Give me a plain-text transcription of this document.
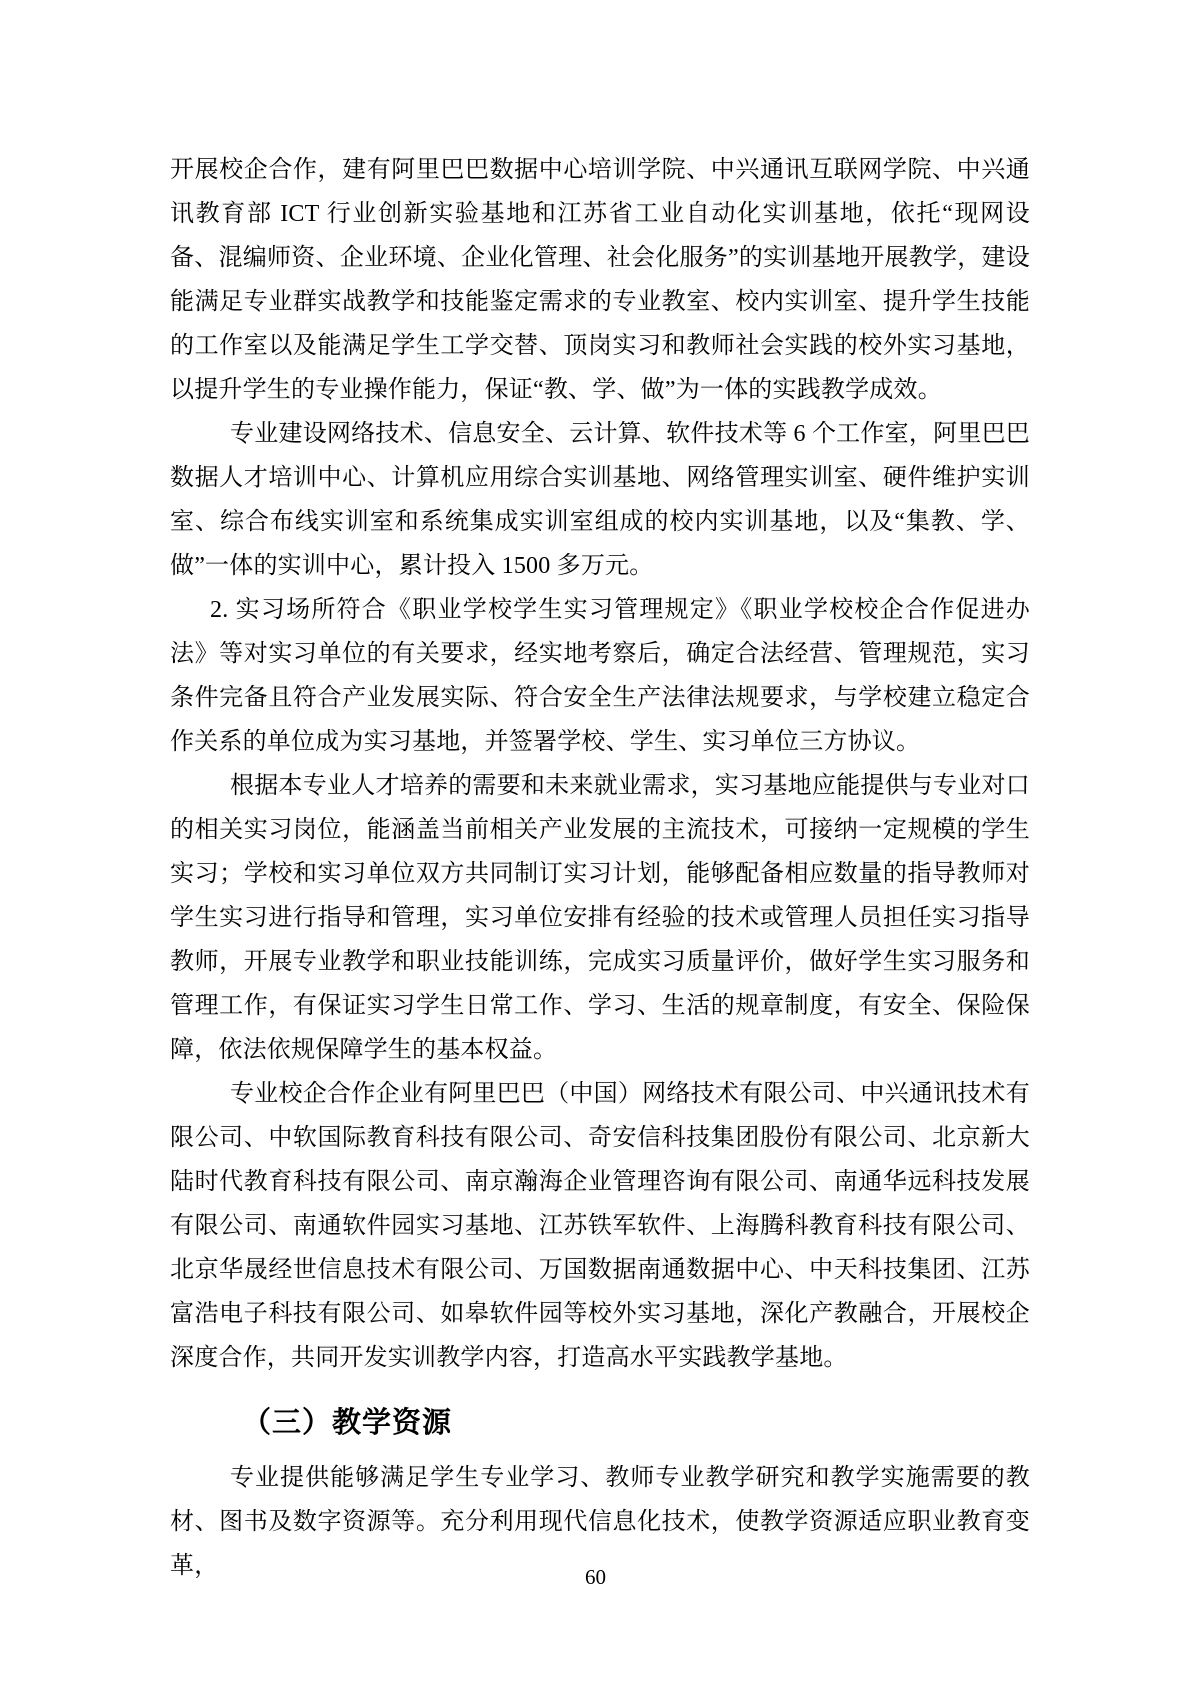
开展校企合作，建有阿里巴巴数据中心培训学院、中兴通讯互联网学院、中兴通讯教育部 ICT 行业创新实验基地和江苏省工业自动化实训基地，依托“现网设备、混编师资、企业环境、企业化管理、社会化服务”的实训基地开展教学，建设能满足专业群实战教学和技能鉴定需求的专业教室、校内实训室、提升学生技能的工作室以及能满足学生工学交替、顶岗实习和教师社会实践的校外实习基地，以提升学生的专业操作能力，保证“教、学、做”为一体的实践教学成效。

专业建设网络技术、信息安全、云计算、软件技术等 6 个工作室，阿里巴巴数据人才培训中心、计算机应用综合实训基地、网络管理实训室、硬件维护实训室、综合布线实训室和系统集成实训室组成的校内实训基地，以及“集教、学、做”一体的实训中心，累计投入 1500 多万元。

2. 实习场所符合《职业学校学生实习管理规定》《职业学校校企合作促进办法》等对实习单位的有关要求，经实地考察后，确定合法经营、管理规范，实习条件完备且符合产业发展实际、符合安全生产法律法规要求，与学校建立稳定合作关系的单位成为实习基地，并签署学校、学生、实习单位三方协议。

根据本专业人才培养的需要和未来就业需求，实习基地应能提供与专业对口的相关实习岗位，能涵盖当前相关产业发展的主流技术，可接纳一定规模的学生实习；学校和实习单位双方共同制订实习计划，能够配备相应数量的指导教师对学生实习进行指导和管理，实习单位安排有经验的技术或管理人员担任实习指导教师，开展专业教学和职业技能训练，完成实习质量评价，做好学生实习服务和管理工作，有保证实习学生日常工作、学习、生活的规章制度，有安全、保险保障，依法依规保障学生的基本权益。

专业校企合作企业有阿里巴巴（中国）网络技术有限公司、中兴通讯技术有限公司、中软国际教育科技有限公司、奇安信科技集团股份有限公司、北京新大陆时代教育科技有限公司、南京瀚海企业管理咨询有限公司、南通华远科技发展有限公司、南通软件园实习基地、江苏铁军软件、上海腾科教育科技有限公司、北京华晟经世信息技术有限公司、万国数据南通数据中心、中天科技集团、江苏富浩电子科技有限公司、如皋软件园等校外实习基地，深化产教融合，开展校企深度合作，共同开发实训教学内容，打造高水平实践教学基地。

（三）教学资源

专业提供能够满足学生专业学习、教师专业教学研究和教学实施需要的教材、图书及数字资源等。充分利用现代信息化技术，使教学资源适应职业教育变革，	60
